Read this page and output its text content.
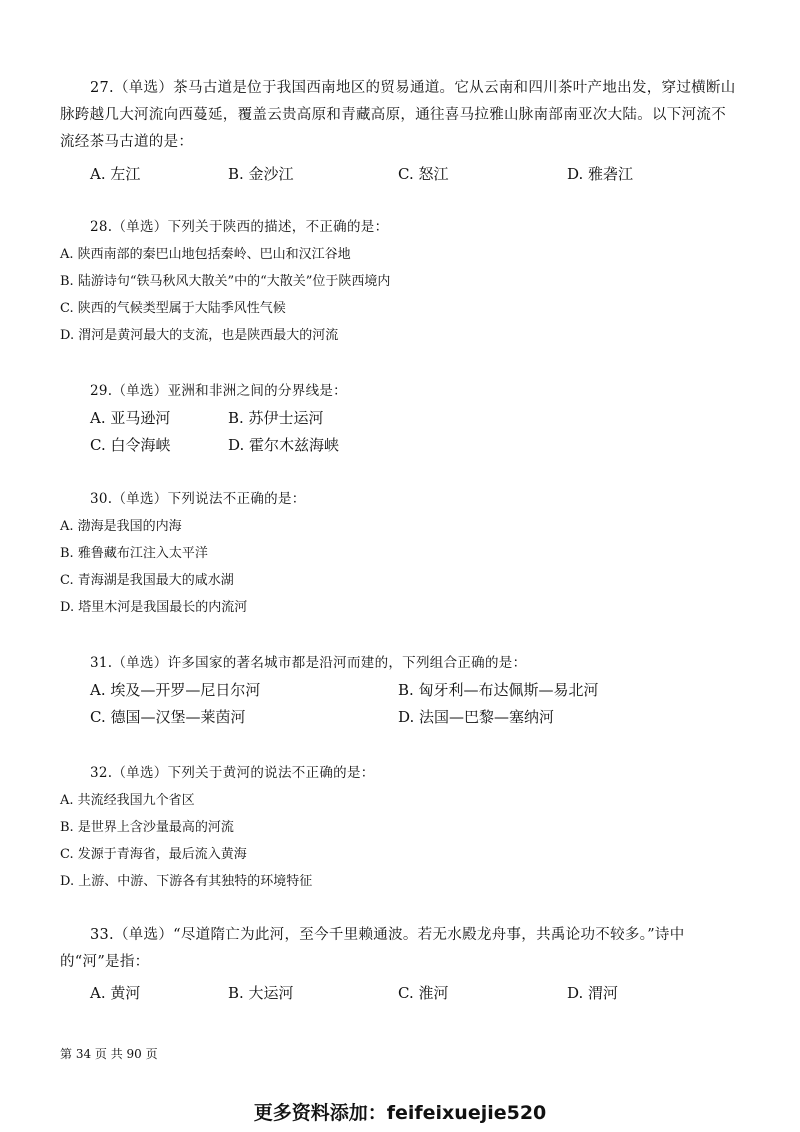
27.（单选）茶马古道是位于我国西南地区的贸易通道。它从云南和四川茶叶产地出发，穿过横断山脉跨越几大河流向西蔓延，覆盖云贵高原和青藏高原，通往喜马拉雅山脉南部南亚次大陆。以下河流不流经茶马古道的是：

A. 左江	B. 金沙江	C. 怒江	D. 雅砻江

28.（单选）下列关于陕西的描述，不正确的是：

A. 陕西南部的秦巴山地包括秦岭、巴山和汉江谷地

B. 陆游诗句“铁马秋风大散关”中的“大散关”位于陕西境内

C. 陕西的气候类型属于大陆季风性气候

D. 渭河是黄河最大的支流，也是陕西最大的河流

29.（单选）亚洲和非洲之间的分界线是：

A. 亚马逊河	B. 苏伊士运河
C. 白令海峡	D. 霍尔木兹海峡

30.（单选）下列说法不正确的是：

A. 渤海是我国的内海

B. 雅鲁藏布江注入太平洋

C. 青海湖是我国最大的咸水湖

D. 塔里木河是我国最长的内流河

31.（单选）许多国家的著名城市都是沿河而建的，下列组合正确的是：

A. 埃及—开罗—尼日尔河	B. 匈牙利—布达佩斯—易北河
C. 德国—汉堡—莱茵河	D. 法国—巴黎—塞纳河

32.（单选）下列关于黄河的说法不正确的是：

A. 共流经我国九个省区

B. 是世界上含沙量最高的河流

C. 发源于青海省，最后流入黄海

D. 上游、中游、下游各有其独特的环境特征

33.（单选）“尽道隋亡为此河，至今千里赖通波。若无水殿龙舟事，共禹论功不较多。”诗中的“河”是指：

A. 黄河	B. 大运河	C. 淮河	D. 渭河
第 34 页 共 90 页
更多资料添加：feifeixuejie520
